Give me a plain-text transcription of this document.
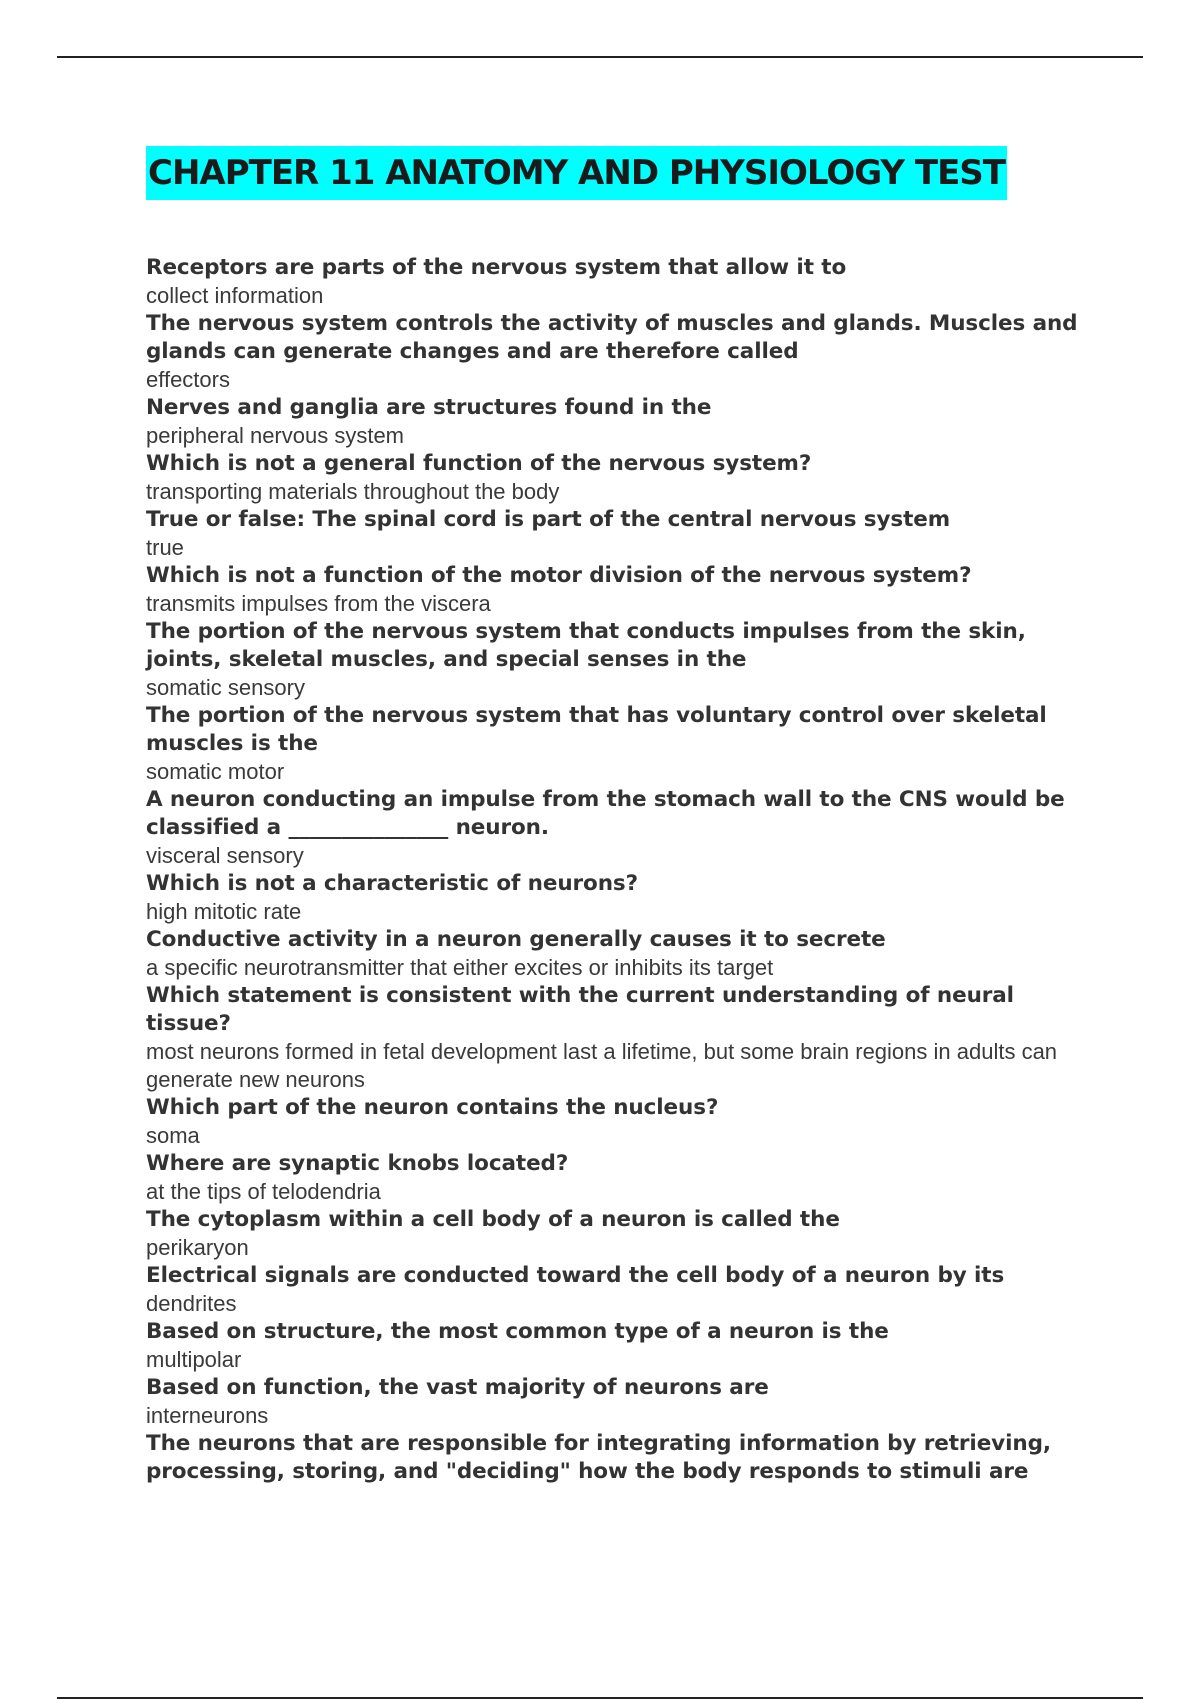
CHAPTER 11 ANATOMY AND PHYSIOLOGY TEST

Receptors are parts of the nervous system that allow it to

collect information

The nervous system controls the activity of muscles and glands. Muscles and glands can generate changes and are therefore called

effectors

Nerves and ganglia are structures found in the

peripheral nervous system

Which is not a general function of the nervous system?

transporting materials throughout the body

True or false: The spinal cord is part of the central nervous system

true

Which is not a function of the motor division of the nervous system?

transmits impulses from the viscera

The portion of the nervous system that conducts impulses from the skin, joints, skeletal muscles, and special senses in the

somatic sensory

The portion of the nervous system that has voluntary control over skeletal muscles is the

somatic motor

A neuron conducting an impulse from the stomach wall to the CNS would be classified a _______________ neuron.

visceral sensory

Which is not a characteristic of neurons?

high mitotic rate

Conductive activity in a neuron generally causes it to secrete

a specific neurotransmitter that either excites or inhibits its target

Which statement is consistent with the current understanding of neural tissue?

most neurons formed in fetal development last a lifetime, but some brain regions in adults can generate new neurons

Which part of the neuron contains the nucleus?

soma

Where are synaptic knobs located?

at the tips of telodendria

The cytoplasm within a cell body of a neuron is called the

perikaryon

Electrical signals are conducted toward the cell body of a neuron by its

dendrites

Based on structure, the most common type of a neuron is the

multipolar

Based on function, the vast majority of neurons are

interneurons

The neurons that are responsible for integrating information by retrieving, processing, storing, and "deciding" how the body responds to stimuli are
